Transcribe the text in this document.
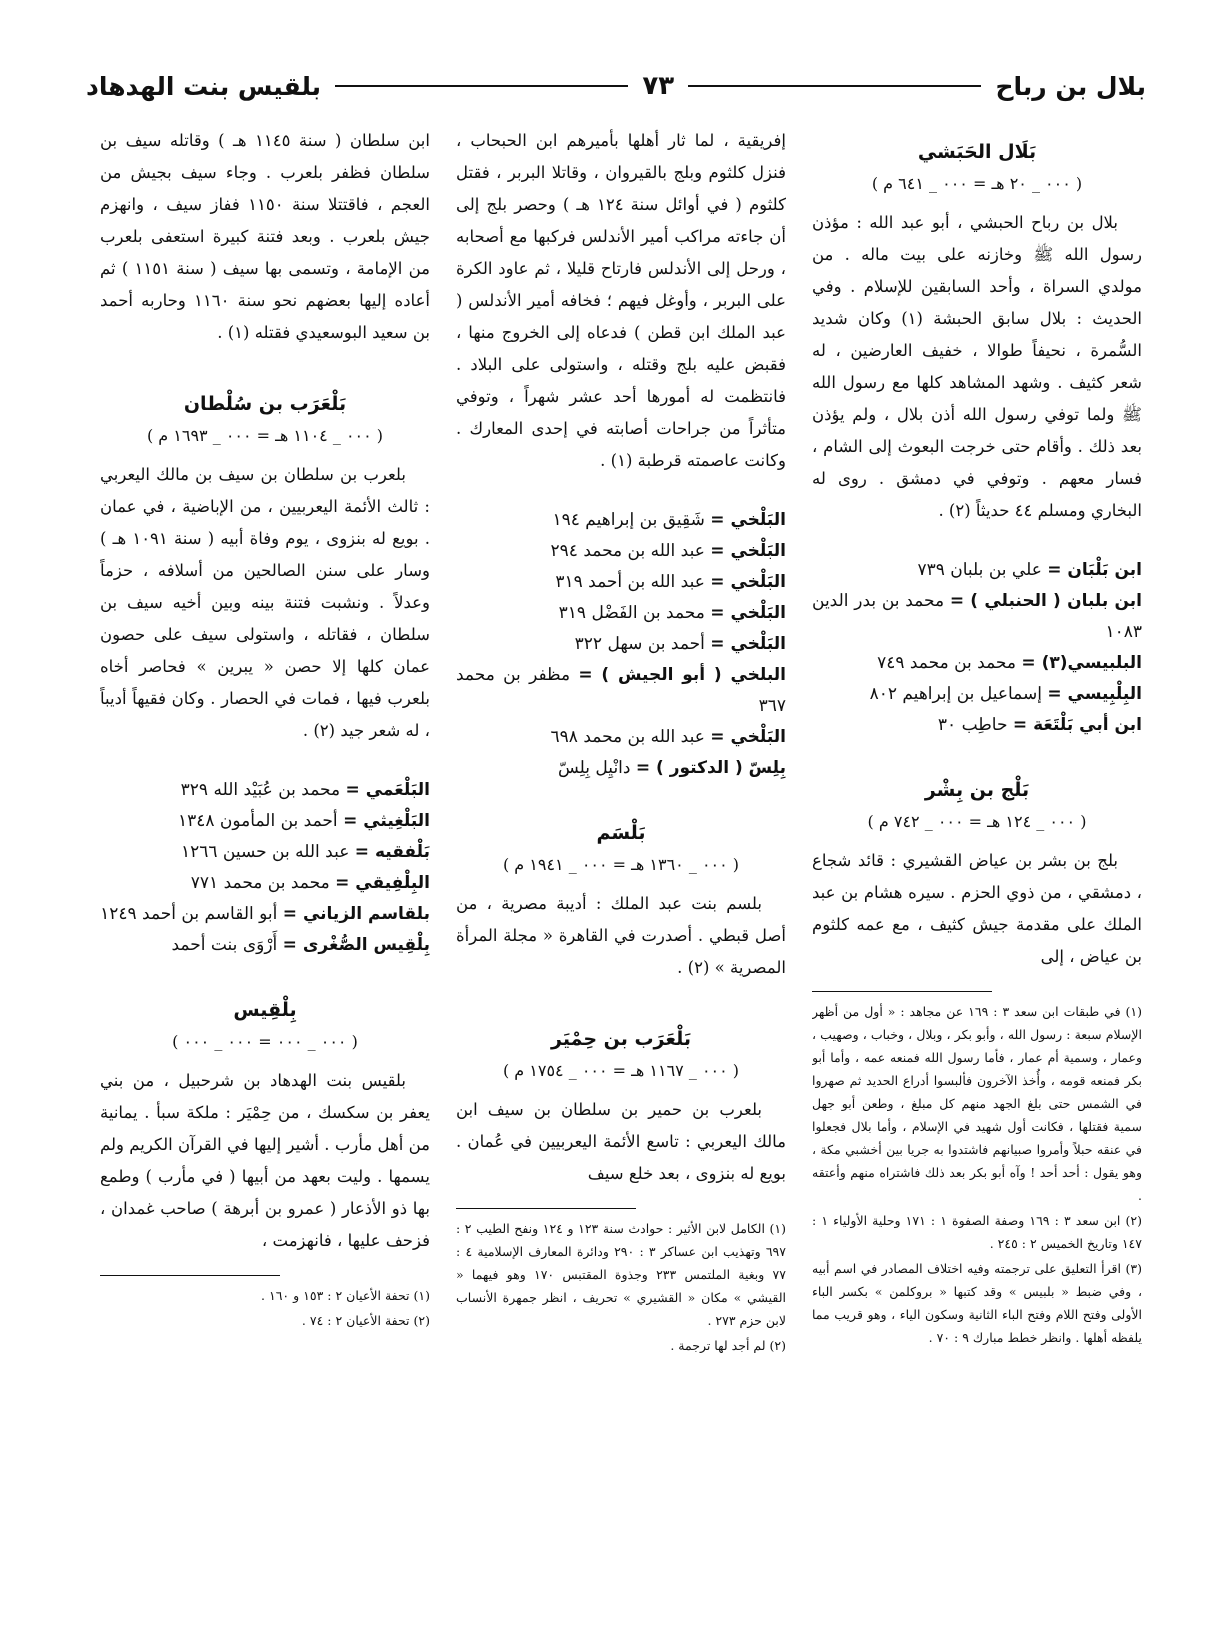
بلال بن رباح
٧٣
بلقيس بنت الهدهاد
بَلَال الحَبَشي
( ٠٠٠ _ ٢٠ هـ = ٠٠٠ _ ٦٤١ م )

بلال بن رباح الحبشي ، أبو عبد الله : مؤذن رسول الله ﷺ وخازنه على بيت ماله . من مولدي السراة ، وأحد السابقين للإسلام . وفي الحديث : بلال سابق الحبشة (١) وكان شديد السُّمرة ، نحيفاً طوالا ، خفيف العارضين ، له شعر كثيف . وشهد المشاهد كلها مع رسول الله ﷺ ولما توفي رسول الله أذن بلال ، ولم يؤذن بعد ذلك . وأقام حتى خرجت البعوث إلى الشام ، فسار معهم . وتوفي في دمشق . روى له البخاري ومسلم ٤٤ حديثاً (٢) .

ابن بَلْبَان = علي بن بلبان ٧٣٩
ابن بلبان ( الحنبلي ) = محمد بن بدر الدين ١٠٨٣
البلبيسي(٣) = محمد بن محمد ٧٤٩
البِلْبِيسي = إسماعيل بن إبراهيم ٨٠٢
ابن أبي بَلْتَعَة = حاطِب ٣٠
بَلْج بن بِشْر
( ٠٠٠ _ ١٢٤ هـ = ٠٠٠ _ ٧٤٢ م )

بلج بن بشر بن عياض القشيري : قائد شجاع ، دمشقي ، من ذوي الحزم . سيره هشام بن عبد الملك على مقدمة جيش كثيف ، مع عمه كلثوم بن عياض ، إلى

(١) في طبقات ابن سعد ٣ : ١٦٩ عن مجاهد : « أول من أظهر الإسلام سبعة : رسول الله ، وأبو بكر ، وبلال ، وخباب ، وصهيب ، وعمار ، وسمية أم عمار ، فأما رسول الله فمنعه عمه ، وأما أبو بكر فمنعه قومه ، وأُخذ الآخرون فألبسوا أدراع الحديد ثم صهروا في الشمس حتى بلغ الجهد منهم كل مبلغ ، وطعن أبو جهل سمية فقتلها ، فكانت أول شهيد في الإسلام ، وأما بلال فجعلوا في عنقه حبلاً وأمروا صبيانهم فاشتدوا به جريا بين أخشبي مكة ، وهو يقول : أحد أحد ! وآه أبو بكر بعد ذلك فاشتراه منهم وأعتقه .

(٢) ابن سعد ٣ : ١٦٩ وصفة الصفوة ١ : ١٧١ وحلية الأولياء ١ : ١٤٧ وتاريخ الخميس ٢ : ٢٤٥ .

(٣) اقرأ التعليق على ترجمته وفيه اختلاف المصادر في اسم أبيه ، وفي ضبط « بلبيس » وقد كتبها « بروكلمن » بكسر الباء الأولى وفتح اللام وفتح الباء الثانية وسكون الياء ، وهو قريب مما يلفظه أهلها . وانظر خطط مبارك ٩ : ٧٠ .

إفريقية ، لما ثار أهلها بأميرهم ابن الحبحاب ، فنزل كلثوم وبلج بالقيروان ، وقاتلا البربر ، فقتل كلثوم ( في أوائل سنة ١٢٤ هـ ) وحصر بلج إلى أن جاءته مراكب أمير الأندلس فركبها مع أصحابه ، ورحل إلى الأندلس فارتاح قليلا ، ثم عاود الكرة على البربر ، وأوغل فيهم ؛ فخافه أمير الأندلس ( عبد الملك ابن قطن ) فدعاه إلى الخروج منها ، فقبض عليه بلج وقتله ، واستولى على البلاد . فانتظمت له أمورها أحد عشر شهراً ، وتوفي متأثراً من جراحات أصابته في إحدى المعارك . وكانت عاصمته قرطبة (١) .

البَلْخي = شَقِيق بن إبراهيم ١٩٤
البَلْخي = عبد الله بن محمد ٢٩٤
البَلْخي = عبد الله بن أحمد ٣١٩
البَلْخي = محمد بن الفَضْل ٣١٩
البَلْخي = أحمد بن سهل ٣٢٢
البلخي ( أبو الجيش ) = مظفر بن محمد ٣٦٧
البَلْخي = عبد الله بن محمد ٦٩٨
بِلِسّ ( الدكتور ) = دانْيِل بِلِسّ
بَلْسَم
( ٠٠٠ _ ١٣٦٠ هـ = ٠٠٠ _ ١٩٤١ م )

بلسم بنت عبد الملك : أديبة مصرية ، من أصل قبطي . أصدرت في القاهرة « مجلة المرأة المصرية » (٢) .

بَلْعَرَب بن حِمْيَر
( ٠٠٠ _ ١١٦٧ هـ = ٠٠٠ _ ١٧٥٤ م )

بلعرب بن حمير بن سلطان بن سيف ابن مالك اليعربي : تاسع الأئمة اليعربيين في عُمان . بويع له بنزوى ، بعد خلع سيف

(١) الكامل لابن الأثير : حوادث سنة ١٢٣ و ١٢٤ ونفح الطيب ٢ : ٦٩٧ وتهذيب ابن عساكر ٣ : ٢٩٠ ودائرة المعارف الإسلامية ٤ : ٧٧ وبغية الملتمس ٢٣٣ وجذوة المقتبس ١٧٠ وهو فيهما « القيشي » مكان « القشيري » تحريف ، انظر جمهرة الأنساب لابن حزم ٢٧٣ .

(٢) لم أجد لها ترجمة .

ابن سلطان ( سنة ١١٤٥ هـ ) وقاتله سيف بن سلطان فظفر بلعرب . وجاء سيف بجيش من العجم ، فاقتتلا سنة ١١٥٠ ففاز سيف ، وانهزم جيش بلعرب . وبعد فتنة كبيرة استعفى بلعرب من الإمامة ، وتسمى بها سيف ( سنة ١١٥١ ) ثم أعاده إليها بعضهم نحو سنة ١١٦٠ وحاربه أحمد بن سعيد البوسعيدي فقتله (١) .

بَلْعَرَب بن سُلْطان
( ٠٠٠ _ ١١٠٤ هـ = ٠٠٠ _ ١٦٩٣ م )

بلعرب بن سلطان بن سيف بن مالك اليعربي : ثالث الأئمة اليعربيين ، من الإباضية ، في عمان . بويع له بنزوى ، يوم وفاة أبيه ( سنة ١٠٩١ هـ ) وسار على سنن الصالحين من أسلافه ، حزماً وعدلاً . ونشبت فتنة بينه وبين أخيه سيف بن سلطان ، فقاتله ، واستولى سيف على حصون عمان كلها إلا حصن « يبرين » فحاصر أخاه بلعرب فيها ، فمات في الحصار . وكان فقيهاً أديباً ، له شعر جيد (٢) .

البَلْعَمي = محمد بن عُبَيْد الله ٣٢٩
البَلْغِيثي = أحمد بن المأمون ١٣٤٨
بَلْفقيه = عبد الله بن حسين ١٢٦٦
البِلْفِيقي = محمد بن محمد ٧٧١
بلقاسم الزياني = أبو القاسم بن أحمد ١٢٤٩
بِلْقِيس الصُّغْرى = أَرْوَى بنت أحمد
بِلْقِيس
( ٠٠٠ _ ٠٠٠ = ٠٠٠ _ ٠٠٠ )

بلقيس بنت الهدهاد بن شرحبيل ، من بني يعفر بن سكسك ، من حِمْيَر : ملكة سبأ . يمانية من أهل مأرب . أشير إليها في القرآن الكريم ولم يسمها . وليت بعهد من أبيها ( في مأرب ) وطمع بها ذو الأذعار ( عمرو بن أبرهة ) صاحب غمدان ، فزحف عليها ، فانهزمت ،

(١) تحفة الأعيان ٢ : ١٥٣ و ١٦٠ .

(٢) تحفة الأعيان ٢ : ٧٤ .
